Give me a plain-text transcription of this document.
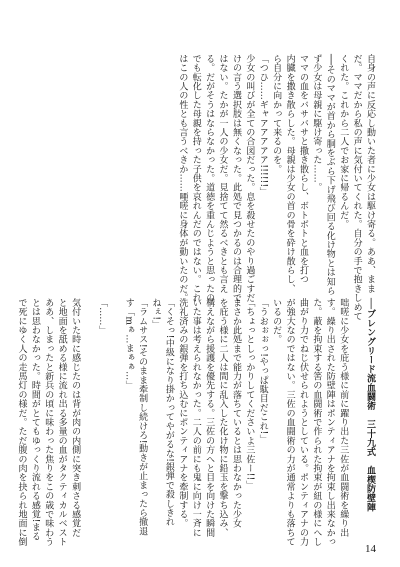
自身の声に反応し動いた者に少女は駆け寄る。ああ、まま
だ。ママだから私の声に気付いてくれた。自分の手で抱きしめて
くれた。これから二人でお家に帰るんだ。
──そのママが首から胴をぶら下げ飛び回る化け物とは知ら
ず少女は母親に駆け寄った……。
ママの血をバサバサと撒き散らし、ボトボトと血を打つ
内臓を撒き散らした。母親は少女の首の骨を砕け散らし、
ら自分に向かって来るのを。
「つひ……ギャアアアアア!!!!!!」
少女の叫びが全ての合図だった。息を殺せたのやり過ごすだ
けの言う選択肢は無くなった。此処で見つかるのは合理的で
はない。たかが一人の少女だ。見捨てて然るべきとも言え
る。だがそうはならなかった。道徳を重んじようと思ったの
でも転化した母親を持った子供を哀れんだのではない。これ
はこの人の性とも言うべきか……唖嗟に身体が動いたのだ。
──ブレングリード流血闘術　三十九式　血楔防壁陣

咄嗟に少女を庇う様に前に躍り出た三佐が血闘術を繰り出
す。繰り出された防壁陣はポンティアナを拘束し出来なかっ
た。蔽を拘束する筈の血闘術で作られた拘束が紐の様にへし
曲がり力でねじ伏せられようとしている。ポンティアナの力
が強大なのではない。三佐の血闘術の力が通常よりも落ちて
いるのだ。
「うおぉぉっ!やっぱ駄目だこれ!」
「ちょっとしっかりしてくださいよ三佐ー!!」
まさか此処まで能力が落ちているとは思わなかった少女
を庇う様に二人は間に乱入した化け物に鉛玉を撃ち込み、
構えながら援護を優先する。三佐の方へと目を向けた瞬間
いた事は考えられなかった。二人の前にも鬼に向け一斉に
洗礼済みの銀弾を打ち込むにポンティアナを牽制する。
「くそっ!中級になり掛かってやがるな!銀弾で殺しきれ
ねぇ!」
「ラムサス!そのまま牽制し続けろ!動きが止まったら撤退
す「mぁ…まぁぁ…」

「……」

気付いた時に感じたのは背が肉の内側に突き刺さる感覚だ
と地面を舐める様に流れ出る多量の血がタクティカルベスト
ああ、しまったと新兵の頃に味わった焦りをこの歳で味わう
とは思わなかった。時間がとてもゆっくり流れる感覚!まる
で死にゆく人の走馬灯の様だ。ただ腹の肉を抉られ地面に倒
14
